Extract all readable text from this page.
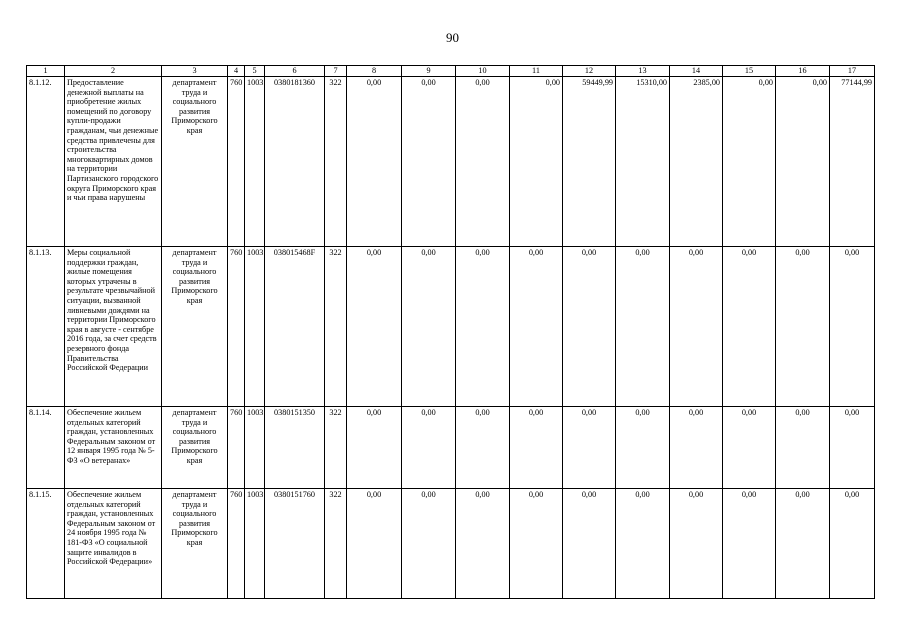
90
1	2	3	4	5	6	7	8	9	10	11	12	13	14	15	16	17
8.1.12.	Предоставление денежной выплаты на приобретение жилых помещений по договору купли-продажи гражданам, чьи денежные средства привлечены для строительства многоквартирных домов на территории Партизанского городского округа Приморского края и чьи права нарушены	департамент труда и социального развития Приморского края	760	1003	0380181360	322	0,00	0,00	0,00	0,00	59449,99	15310,00	2385,00	0,00	0,00	77144,99
8.1.13.	Меры социальной поддержки граждан, жилые помещения которых утрачены в результате чрезвычайной ситуации, вызванной ливневыми дождями на территории Приморского края в августе - сентябре 2016 года, за счет средств резервного фонда Правительства Российской Федерации	департамент труда и социального развития Приморского края	760	1003	038015468F	322	0,00	0,00	0,00	0,00	0,00	0,00	0,00	0,00	0,00	0,00
8.1.14.	Обеспечение жильем отдельных категорий граждан, установленных Федеральным законом от 12 января 1995 года № 5-ФЗ «О ветеранах»	департамент труда и социального развития Приморского края	760	1003	0380151350	322	0,00	0,00	0,00	0,00	0,00	0,00	0,00	0,00	0,00	0,00
8.1.15.	Обеспечение жильем отдельных категорий граждан, установленных Федеральным законом от 24 ноября 1995 года № 181-ФЗ «О социальной защите инвалидов в Российской Федерации»	департамент труда и социального развития Приморского края	760	1003	0380151760	322	0,00	0,00	0,00	0,00	0,00	0,00	0,00	0,00	0,00	0,00
